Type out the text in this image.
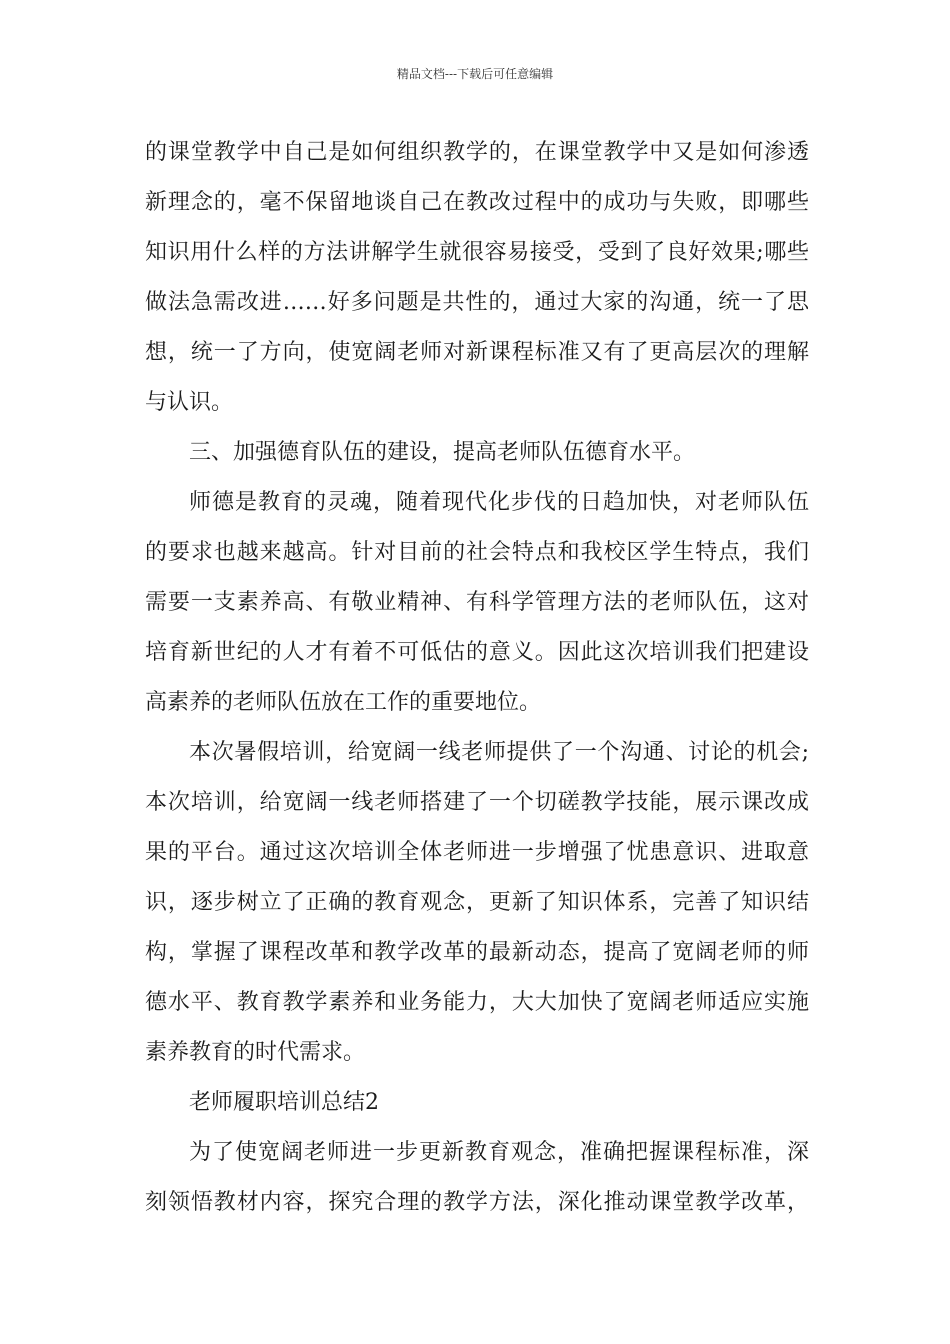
精品文档---下载后可任意编辑
的课堂教学中自己是如何组织教学的，在课堂教学中又是如何渗透
新理念的，毫不保留地谈自己在教改过程中的成功与失败，即哪些
知识用什么样的方法讲解学生就很容易接受，受到了良好效果;哪些
做法急需改进……好多问题是共性的，通过大家的沟通，统一了思
想，统一了方向，使宽阔老师对新课程标准又有了更高层次的理解
与认识。
三、加强德育队伍的建设，提高老师队伍德育水平。
师德是教育的灵魂，随着现代化步伐的日趋加快，对老师队伍
的要求也越来越高。针对目前的社会特点和我校区学生特点，我们
需要一支素养高、有敬业精神、有科学管理方法的老师队伍，这对
培育新世纪的人才有着不可低估的意义。因此这次培训我们把建设
高素养的老师队伍放在工作的重要地位。
本次暑假培训，给宽阔一线老师提供了一个沟通、讨论的机会;
本次培训，给宽阔一线老师搭建了一个切磋教学技能，展示课改成
果的平台。通过这次培训全体老师进一步增强了忧患意识、进取意
识，逐步树立了正确的教育观念，更新了知识体系，完善了知识结
构，掌握了课程改革和教学改革的最新动态，提高了宽阔老师的师
德水平、教育教学素养和业务能力，大大加快了宽阔老师适应实施
素养教育的时代需求。
老师履职培训总结2
为了使宽阔老师进一步更新教育观念，准确把握课程标准，深
刻领悟教材内容，探究合理的教学方法，深化推动课堂教学改革，
